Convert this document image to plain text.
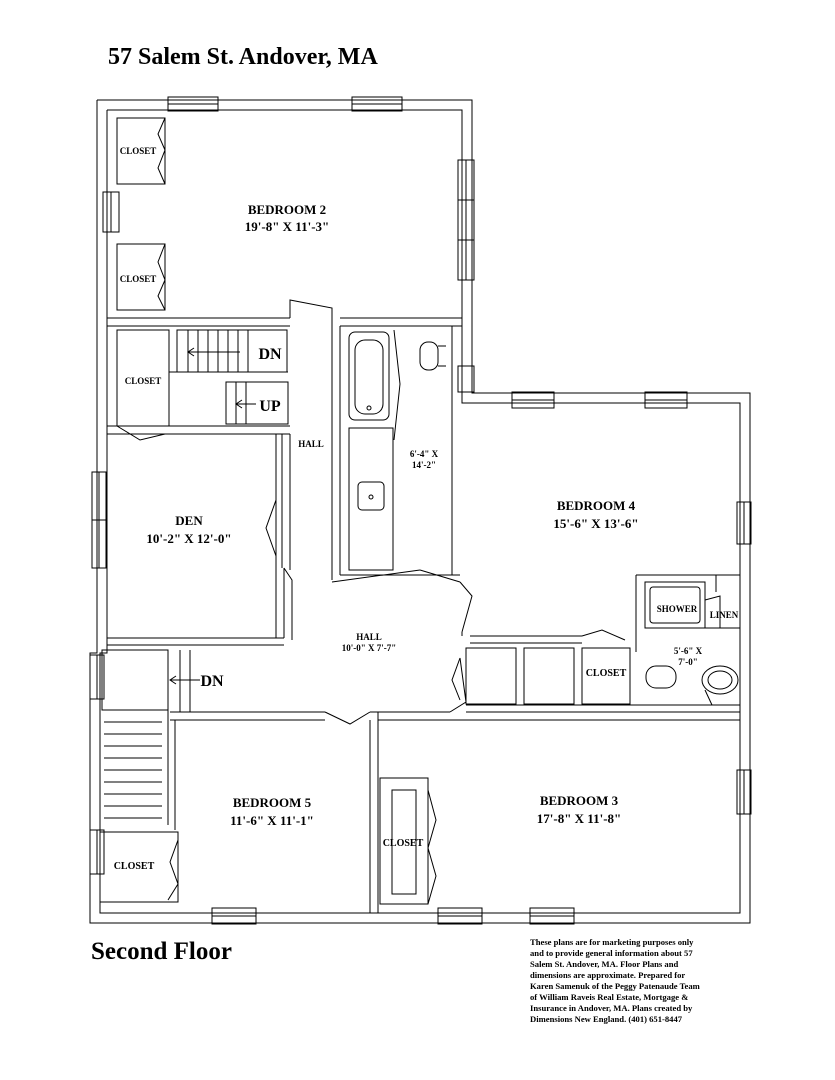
57 Salem St. Andover, MA
BEDROOM 2
19'-8" X 11'-3"
CLOSET
CLOSET
CLOSET
DN
UP
HALL
6'-4" X
14'-2"
BEDROOM 4
15'-6" X 13'-6"
DEN
10'-2" X 12'-0"
SHOWER
LINEN
HALL
10'-0" X 7'-7"	5'-6" X
7'-0"
CLOSET
DN
BEDROOM 5
11'-6" X 11'-1"
BEDROOM 3
17'-8" X 11'-8"
CLOSET
CLOSET
Second Floor	These plans are for marketing purposes only
and to provide general information about 57
Salem St. Andover, MA. Floor Plans and
dimensions are approximate. Prepared for
Karen Samenuk of the Peggy Patenaude Team
of William Raveis Real Estate, Mortgage &
Insurance in Andover, MA. Plans created by
Dimensions New England. (401) 651-8447
